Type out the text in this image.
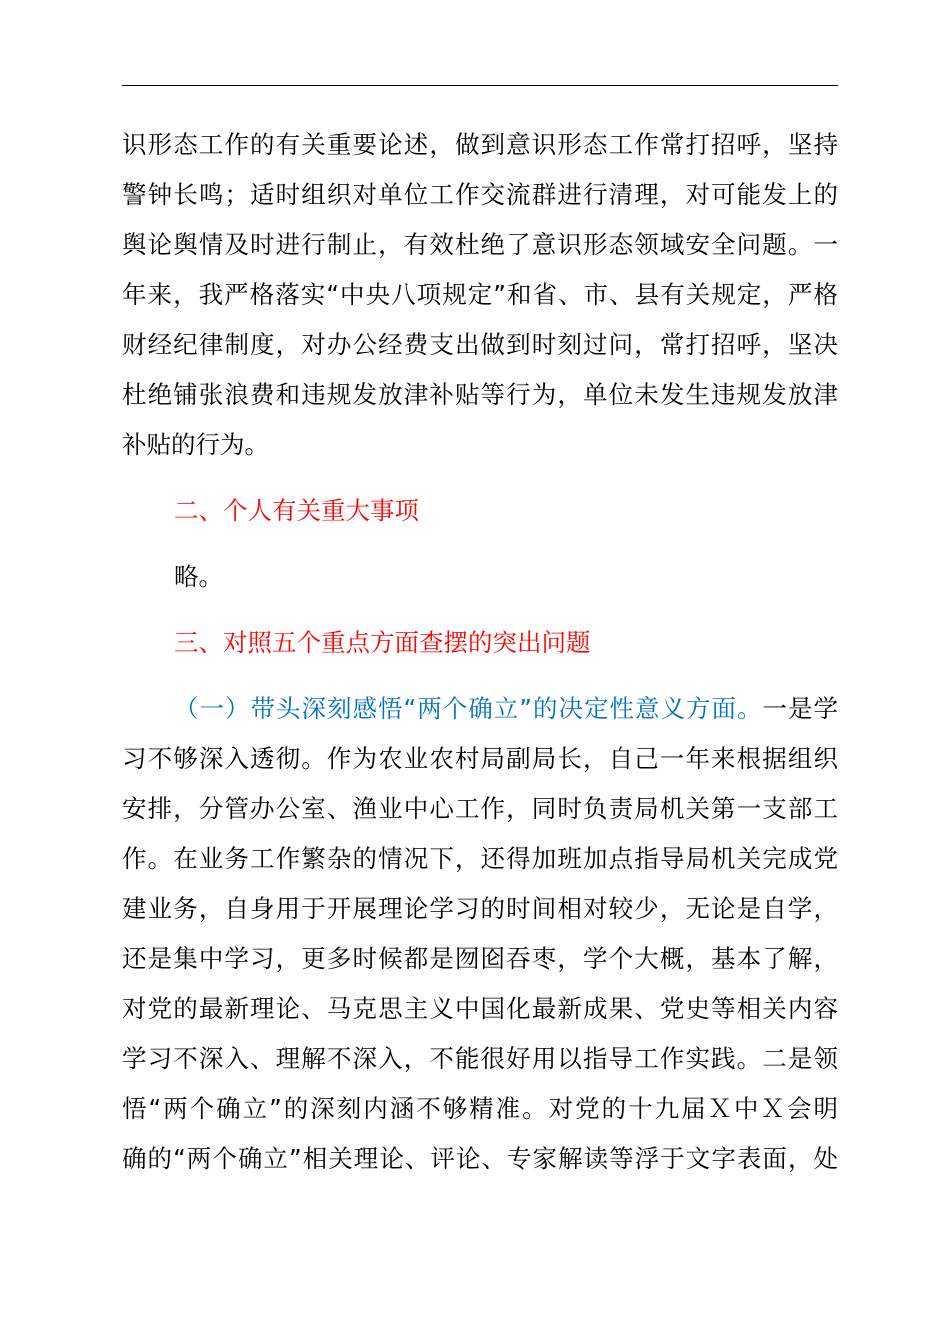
识形态工作的有关重要论述，做到意识形态工作常打招呼，坚持
警钟长鸣；适时组织对单位工作交流群进行清理，对可能发上的
舆论舆情及时进行制止，有效杜绝了意识形态领域安全问题。一
年来，我严格落实“中央八项规定”和省、市、县有关规定，严格
财经纪律制度，对办公经费支出做到时刻过问，常打招呼，坚决
杜绝铺张浪费和违规发放津补贴等行为，单位未发生违规发放津
补贴的行为。
二、个人有关重大事项
略。
三、对照五个重点方面查摆的突出问题
（一）带头深刻感悟“两个确立”的决定性意义方面。一是学
习不够深入透彻。作为农业农村局副局长，自己一年来根据组织
安排，分管办公室、渔业中心工作，同时负责局机关第一支部工
作。在业务工作繁杂的情况下，还得加班加点指导局机关完成党
建业务，自身用于开展理论学习的时间相对较少，无论是自学，
还是集中学习，更多时候都是囫囵吞枣，学个大概，基本了解，
对党的最新理论、马克思主义中国化最新成果、党史等相关内容
学习不深入、理解不深入，不能很好用以指导工作实践。二是领
悟“两个确立”的深刻内涵不够精准。对党的十九届Ｘ中Ｘ会明
确的“两个确立”相关理论、评论、专家解读等浮于文字表面，处
